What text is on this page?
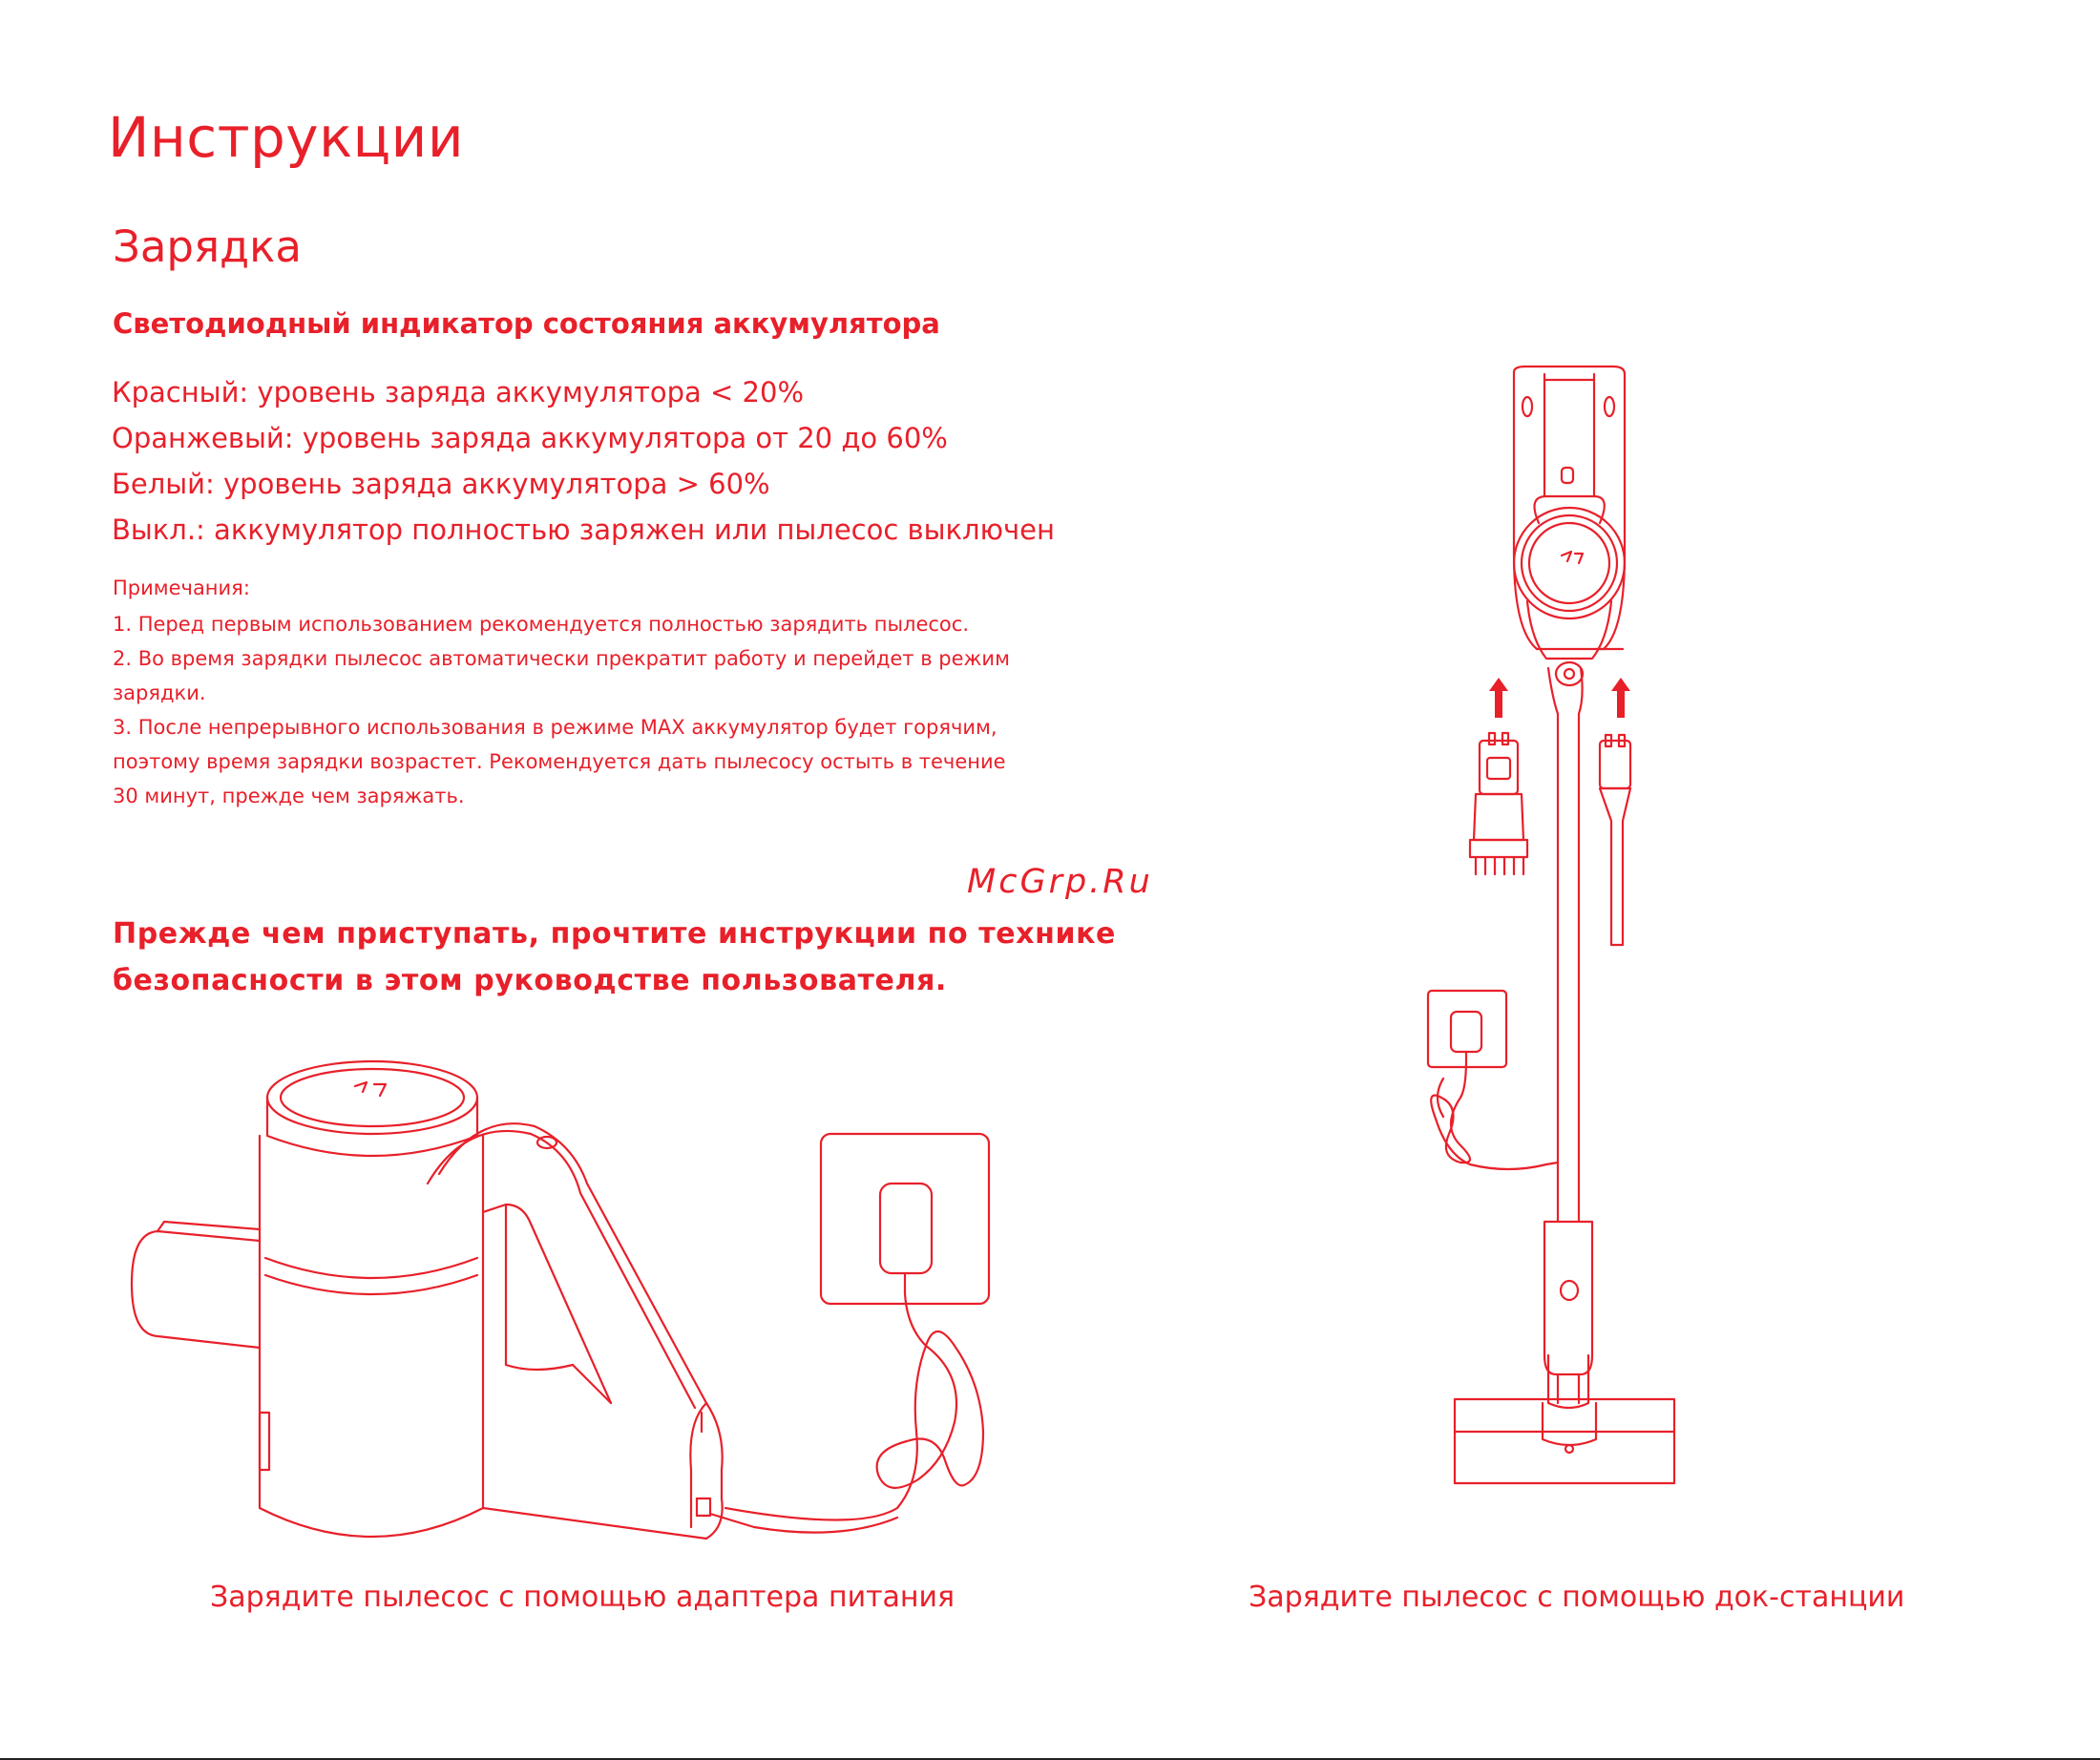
Инструкции
Зарядка
Светодиодный индикатор состояния аккумулятора
Красный: уровень заряда аккумулятора < 20%
Оранжевый: уровень заряда аккумулятора от 20 до 60%
Белый: уровень заряда аккумулятора > 60%
Выкл.: аккумулятор полностью заряжен или пылесос выключен
Примечания:
1. Перед первым использованием рекомендуется полностью зарядить пылесос.
2. Во время зарядки пылесос автоматически прекратит работу и перейдет в режим
зарядки.
3. После непрерывного использования в режиме MAX аккумулятор будет горячим,
поэтому время зарядки возрастет. Рекомендуется дать пылесосу остыть в течение
30 минут, прежде чем заряжать.
McGrp.Ru
Прежде чем приступать, прочтите инструкции по технике
безопасности в этом руководстве пользователя.
Зарядите пылесос с помощью адаптера питания	Зарядите пылесос с помощью док-станции
